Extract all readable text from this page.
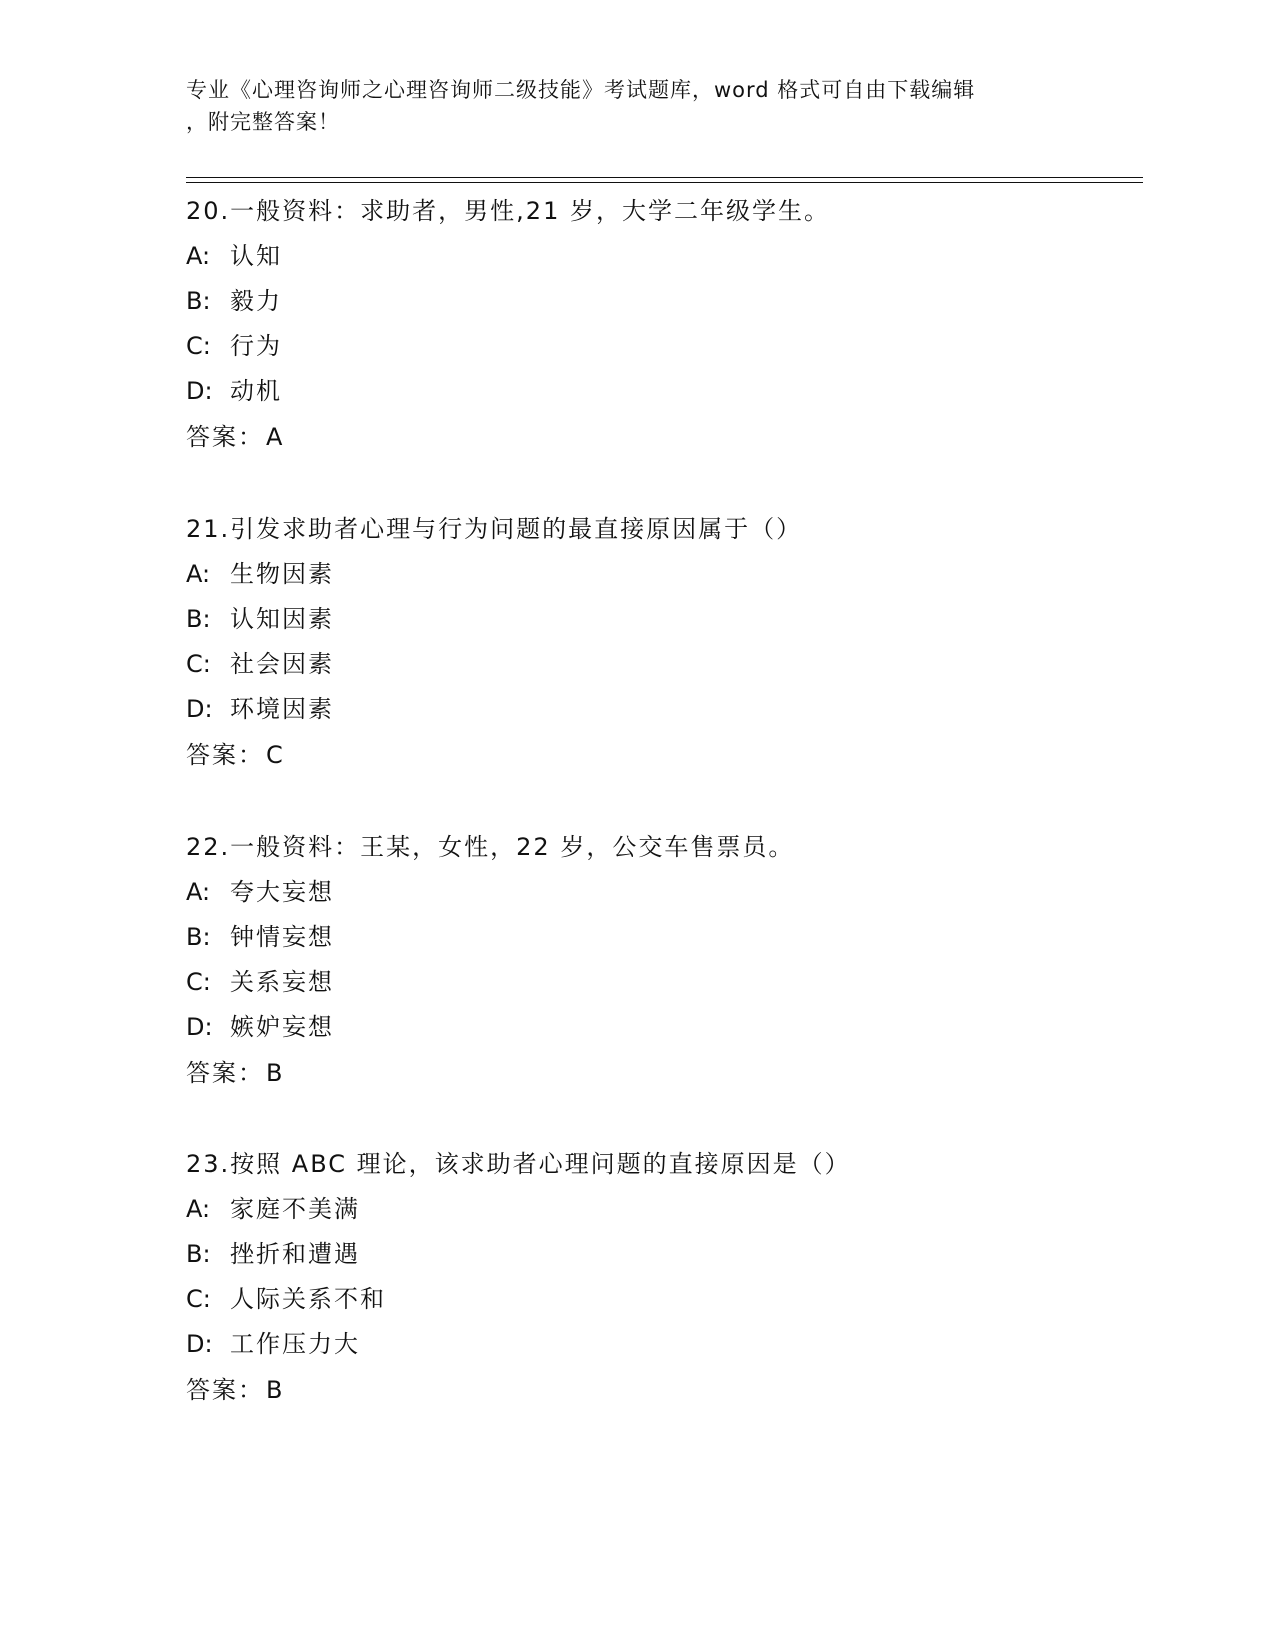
专业《心理咨询师之心理咨询师二级技能》考试题库，word 格式可自由下载编辑
，附完整答案！
20.一般资料：求助者，男性,21 岁，大学二年级学生。
A: 认知
B: 毅力
C: 行为
D: 动机
答案：A
21.引发求助者心理与行为问题的最直接原因属于（）
A: 生物因素
B: 认知因素
C: 社会因素
D: 环境因素
答案：C
22.一般资料：王某，女性，22 岁，公交车售票员。
A: 夸大妄想
B: 钟情妄想
C: 关系妄想
D: 嫉妒妄想
答案：B
23.按照 ABC 理论，该求助者心理问题的直接原因是（）
A: 家庭不美满
B: 挫折和遭遇
C: 人际关系不和
D: 工作压力大
答案：B
